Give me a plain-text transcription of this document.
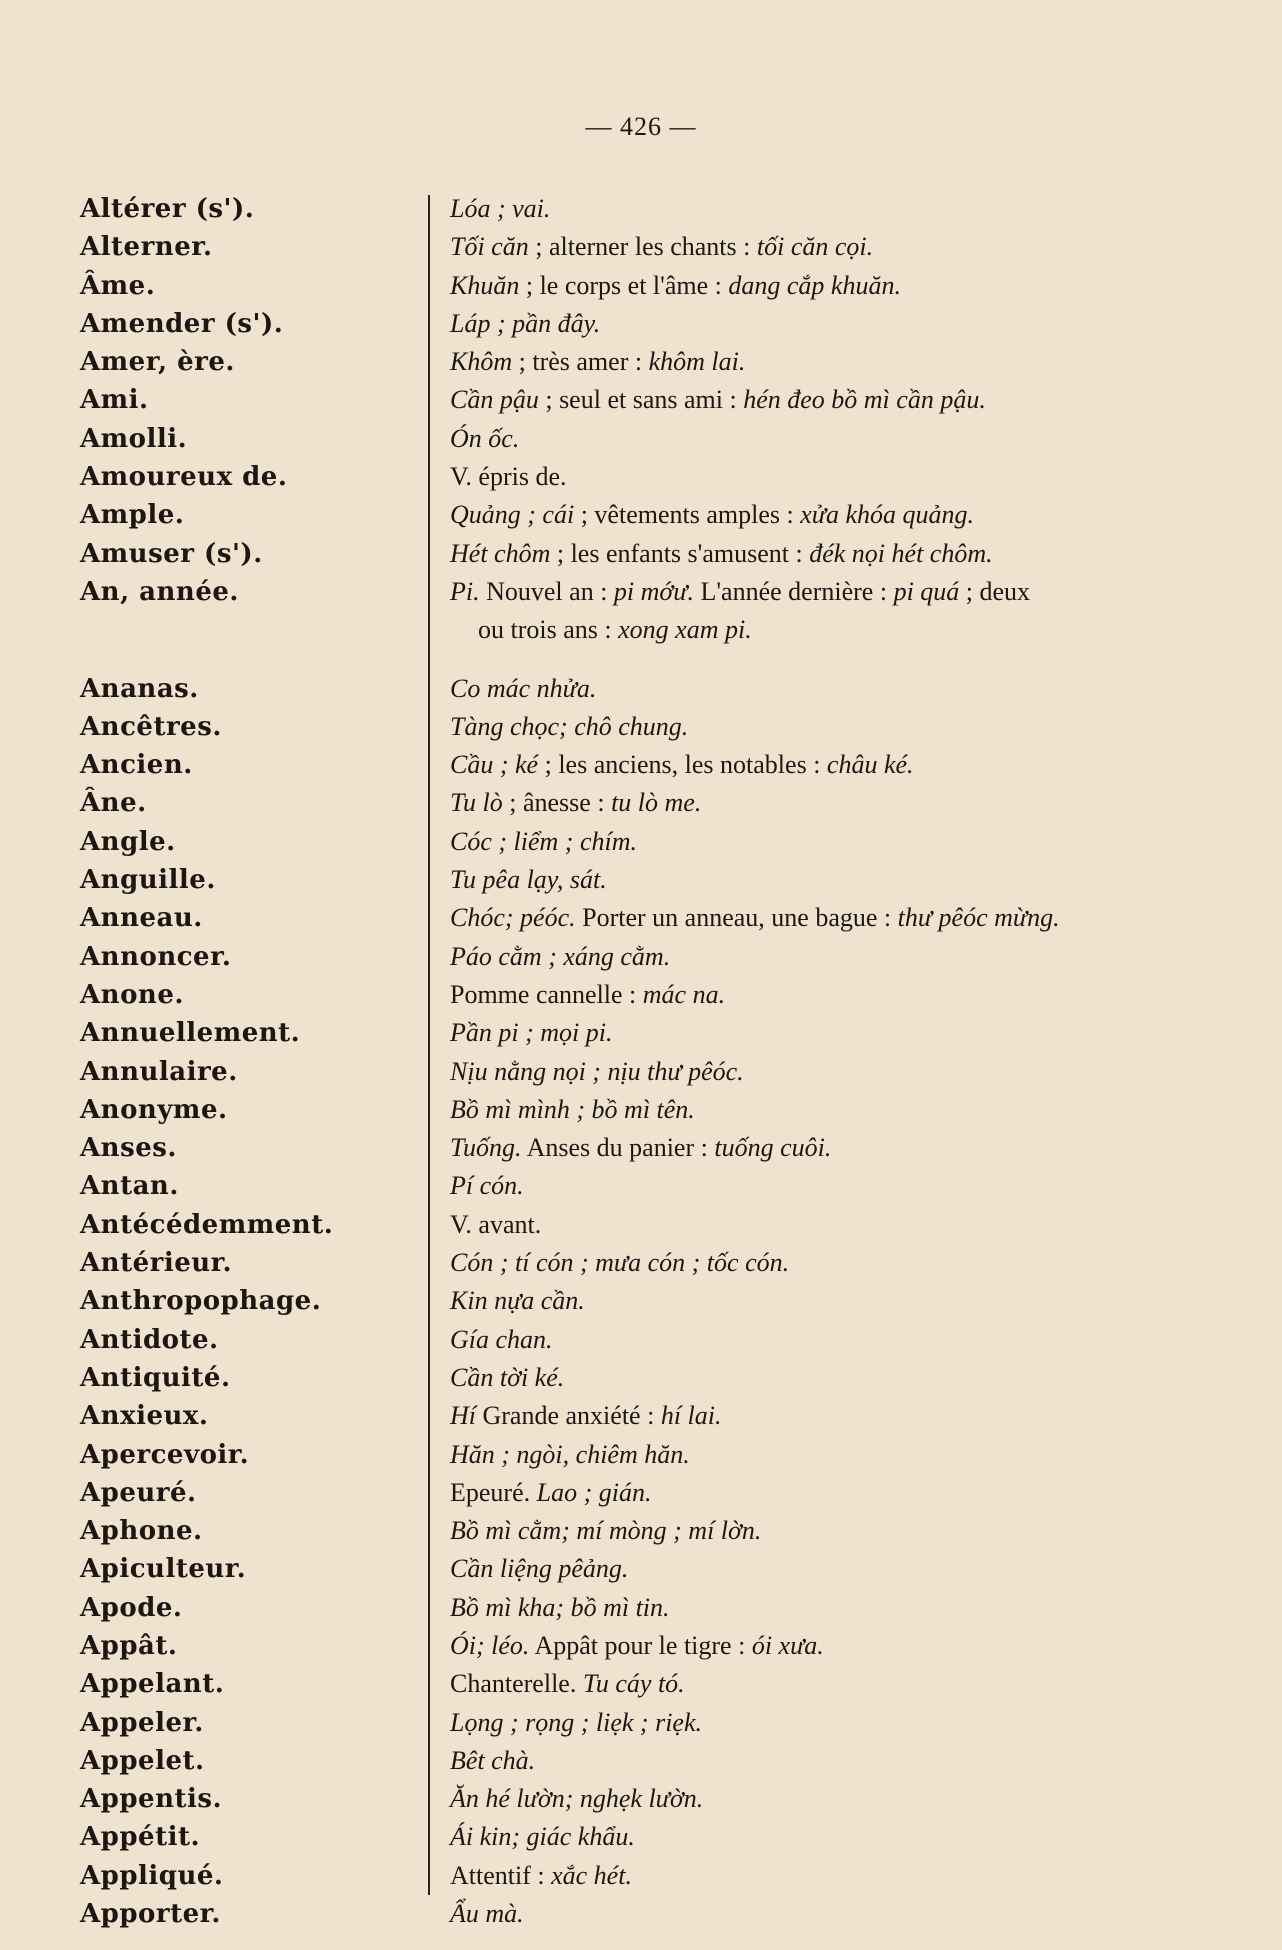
— 426 —
Altérer (s').	Lóa ; vai.
Alterner.	Tối căn ; alterner les chants : tối căn cọi.
Âme.	Khuăn ; le corps et l'âme : dang cắp khuăn.
Amender (s').	Láp ; pần đây.
Amer, ère.	Khôm ; très amer : khôm lai.
Ami.	Cần pậu ; seul et sans ami : hén đeo bồ mì cần pậu.
Amolli.	Ón ốc.
Amoureux de.	V. épris de.
Ample.	Quảng ; cái ; vêtements amples : xửa khóa quảng.
Amuser (s').	Hét chôm ; les enfants s'amusent : đék nọi hét chôm.
An, année.	Pi. Nouvel an : pi mớư. L'année dernière : pi quá ; deux
ou trois ans : xong xam pi.
Ananas.	Co mác nhửa.
Ancêtres.	Tàng chọc; chô chung.
Ancien.	Cầu ; ké ; les anciens, les notables : châu ké.
Âne.	Tu lò ; ânesse : tu lò me.
Angle.	Cóc ; liểm ; chím.
Anguille.	Tu pêa lạy, sát.
Anneau.	Chóc; péóc. Porter un anneau, une bague : thư pêóc mừng.
Annoncer.	Páo cằm ; xáng cằm.
Anone.	Pomme cannelle : mác na.
Annuellement.	Pần pi ; mọi pi.
Annulaire.	Nịu nằng nọi ; nịu thư pêóc.
Anonyme.	Bồ mì mình ; bồ mì tên.
Anses.	Tuống. Anses du panier : tuống cuôi.
Antan.	Pí cón.
Antécédemment.	V. avant.
Antérieur.	Cón ; tí cón ; mưa cón ; tốc cón.
Anthropophage.	Kin nựa cần.
Antidote.	Gía chan.
Antiquité.	Cần tời ké.
Anxieux.	Hí Grande anxiété : hí lai.
Apercevoir.	Hăn ; ngòi, chiêm hăn.
Apeuré.	Epeuré. Lao ; gián.
Aphone.	Bồ mì cằm; mí mòng ; mí lờn.
Apiculteur.	Cần liệng pêảng.
Apode.	Bồ mì kha; bồ mì tin.
Appât.	Ói; léo. Appât pour le tigre : ói xưa.
Appelant.	Chanterelle. Tu cáy tó.
Appeler.	Lọng ; rọng ; liẹk ; riẹk.
Appelet.	Bêt chà.
Appentis.	Ăn hé lườn; nghẹk lườn.
Appétit.	Ái kin; giác khẩu.
Appliqué.	Attentif : xắc hét.
Apporter.	Ẩu mà.
